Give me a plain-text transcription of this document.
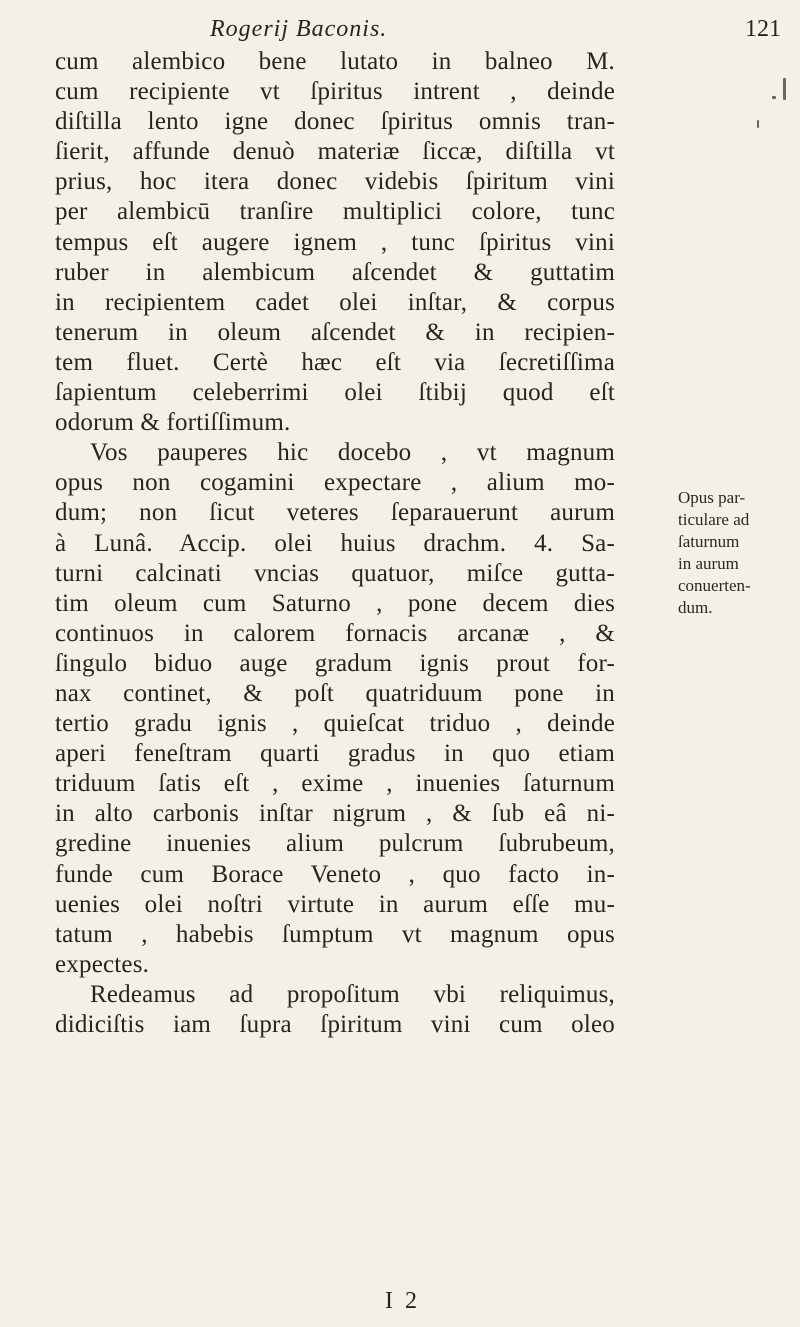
Rogerij Baconis.	121
cum alembico bene lutato in balneo M.
cum recipiente vt ſpiritus intrent , deinde
diſtilla lento igne donec ſpiritus omnis tran-
ſierit, affunde denuò materiæ ſiccæ, diſtilla vt
prius, hoc itera donec videbis ſpiritum vini
per alembicū tranſire multiplici colore, tunc
tempus eſt augere ignem , tunc ſpiritus vini
ruber in alembicum aſcendet & guttatim
in recipientem cadet olei inſtar, & corpus
tenerum in oleum aſcendet & in recipien-
tem fluet. Certè hæc eſt via ſecretiſſima
ſapientum celeberrimi olei ſtibij quod eſt
odorum & fortiſſimum.
Vos pauperes hic docebo , vt magnum
opus non cogamini expectare , alium mo-
dum; non ſicut veteres ſeparauerunt aurum
à Lunâ. Accip. olei huius drachm. 4. Sa-
turni calcinati vncias quatuor, miſce gutta-
tim oleum cum Saturno , pone decem dies
continuos in calorem fornacis arcanæ , &
ſingulo biduo auge gradum ignis prout for-
nax continet, & poſt quatriduum pone in
tertio gradu ignis , quieſcat triduo , deinde
aperi feneſtram quarti gradus in quo etiam
triduum ſatis eſt , exime , inuenies ſaturnum
in alto carbonis inſtar nigrum , & ſub eâ ni-
gredine inuenies alium pulcrum ſubrubeum,
funde cum Borace Veneto , quo facto in-
uenies olei noſtri virtute in aurum eſſe mu-
tatum , habebis ſumptum vt magnum opus
expectes.
Redeamus ad propoſitum vbi reliquimus,
didiciſtis iam ſupra ſpiritum vini cum oleo
I 2
Opus par-
ticulare ad
ſaturnum
in aurum
conuerten-
dum.
